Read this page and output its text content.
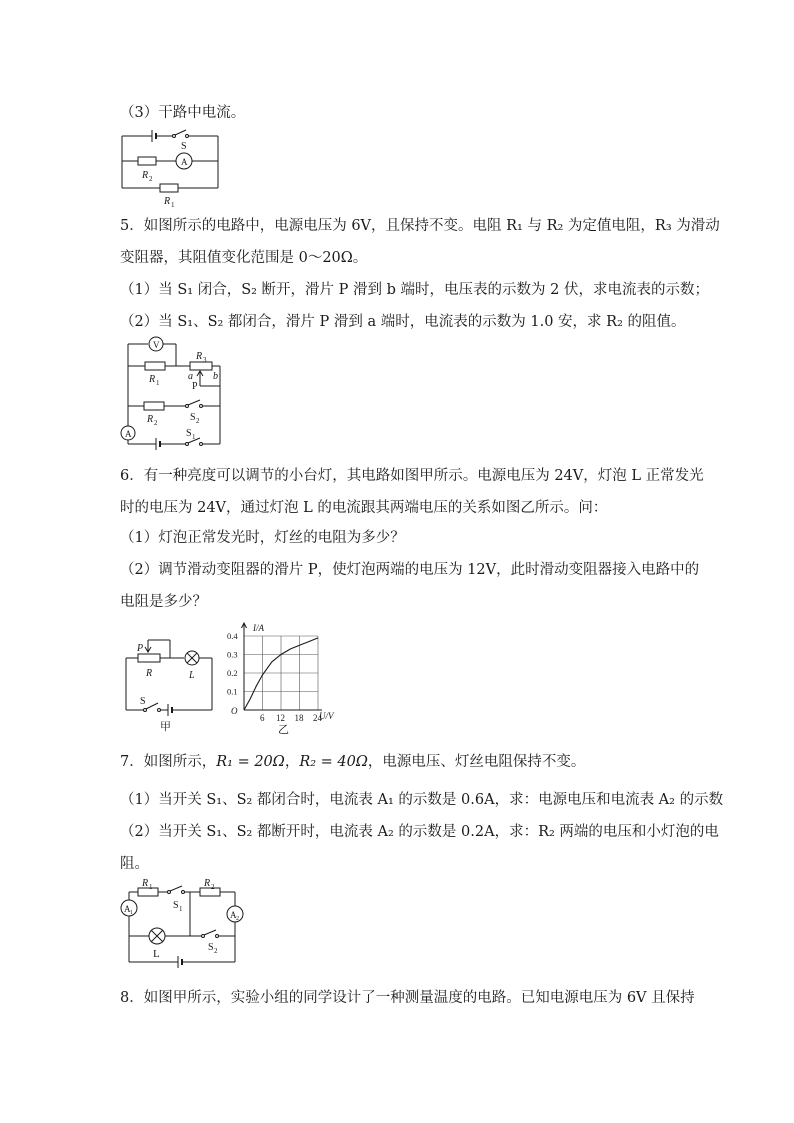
（3）干路中电流。
S
A
R 2
R 1
5．如图所示的电路中，电源电压为 6V，且保持不变。电阻 R₁ 与 R₂ 为定值电阻，R₃ 为滑动
变阻器，其阻值变化范围是 0～20Ω。
（1）当 S₁ 闭合，S₂ 断开，滑片 P 滑到 b 端时，电压表的示数为 2 伏，求电流表的示数；
（2）当 S₁、S₂ 都闭合，滑片 P 滑到 a 端时，电流表的示数为 1.0 安，求 R₂ 的阻值。
V
A
R 1
R 3
a b
P
R 2	S 2
S 1
6．有一种亮度可以调节的小台灯，其电路如图甲所示。电源电压为 24V，灯泡 L 正常发光
时的电压为 24V，通过灯泡 L 的电流跟其两端电压的关系如图乙所示。问：
（1）灯泡正常发光时，灯丝的电阻为多少？
（2）调节滑动变阻器的滑片 P，使灯泡两端的电压为 12V，此时滑动变阻器接入电路中的
电阻是多少？
P
R	L
S
甲
6 12 18 24
0.1
0.2
0.3
0.4
I/A
U/V
O
乙
7．如图所示，R₁ = 20Ω，R₂ = 40Ω，电源电压、灯丝电阻保持不变。
（1）当开关 S₁、S₂ 都闭合时，电流表 A₁ 的示数是 0.6A，求：电源电压和电流表 A₂ 的示数
（2）当开关 S₁、S₂ 都断开时，电流表 A₂ 的示数是 0.2A，求：R₂ 两端的电压和小灯泡的电
阻。
R 1	R 2
A 1	A 2
S 1
S 2
L
8．如图甲所示，实验小组的同学设计了一种测量温度的电路。已知电源电压为 6V 且保持
